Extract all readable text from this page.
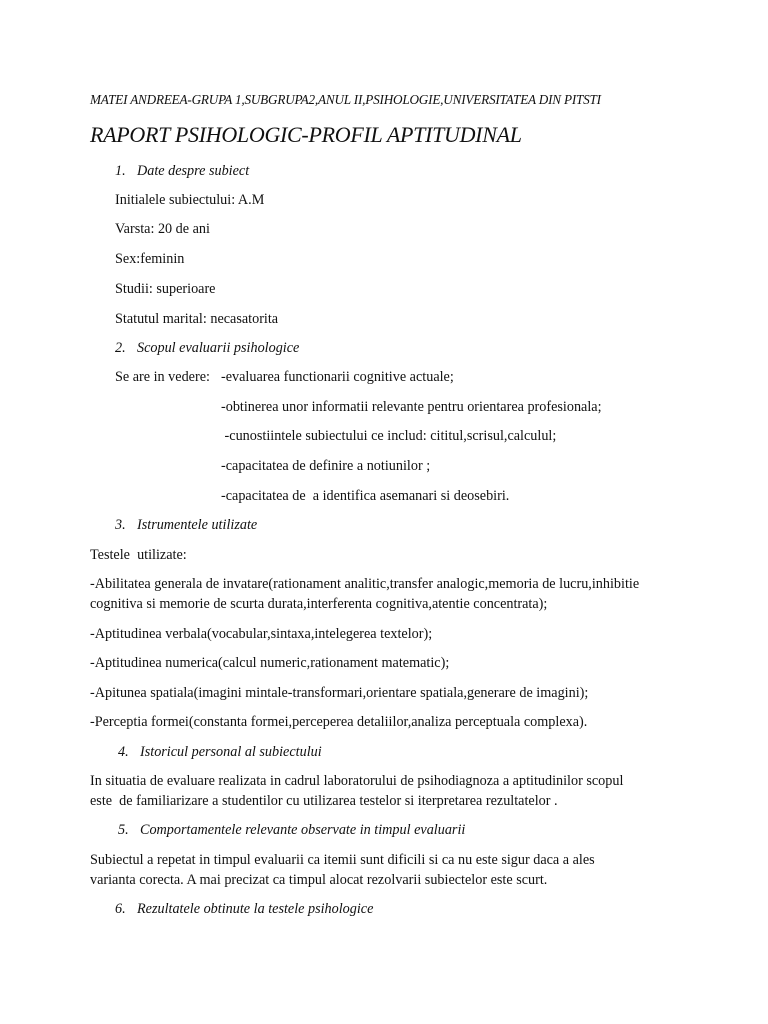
MATEI ANDREEA-GRUPA 1,SUBGRUPA2,ANUL II,PSIHOLOGIE,UNIVERSITATEA DIN PITSTI
RAPORT PSIHOLOGIC-PROFIL APTITUDINAL
1. Date despre subiect
Initialele subiectului: A.M
Varsta: 20 de ani
Sex:feminin
Studii: superioare
Statutul marital: necasatorita
2. Scopul evaluarii psihologice
Se are in vedere: -evaluarea functionarii cognitive actuale;
-obtinerea unor informatii relevante pentru orientarea profesionala;
-cunostiintele subiectului ce includ: cititul,scrisul,calculul;
-capacitatea de definire a notiunilor ;
-capacitatea de  a identifica asemanari si deosebiri.
3. Istrumentele utilizate
Testele  utilizate:
-Abilitatea generala de invatare(rationament analitic,transfer analogic,memoria de lucru,inhibitie
cognitiva si memorie de scurta durata,interferenta cognitiva,atentie concentrata);
-Aptitudinea verbala(vocabular,sintaxa,intelegerea textelor);
-Aptitudinea numerica(calcul numeric,rationament matematic);
-Apitunea spatiala(imagini mintale-transformari,orientare spatiala,generare de imagini);
-Perceptia formei(constanta formei,perceperea detaliilor,analiza perceptuala complexa).
4. Istoricul personal al subiectului
In situatia de evaluare realizata in cadrul laboratorului de psihodiagnoza a aptitudinilor scopul
este  de familiarizare a studentilor cu utilizarea testelor si iterpretarea rezultatelor .
5. Comportamentele relevante observate in timpul evaluarii
Subiectul a repetat in timpul evaluarii ca itemii sunt dificili si ca nu este sigur daca a ales
varianta corecta. A mai precizat ca timpul alocat rezolvarii subiectelor este scurt.
6. Rezultatele obtinute la testele psihologice
